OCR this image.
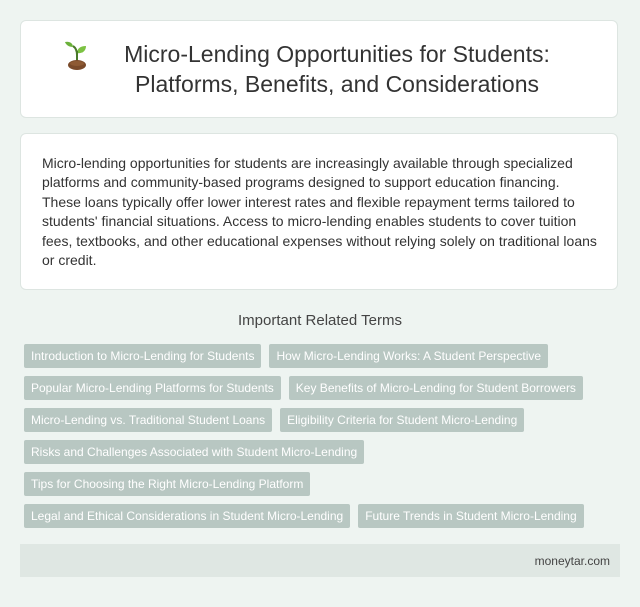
Micro-Lending Opportunities for Students: Platforms, Benefits, and Considerations

Micro-lending opportunities for students are increasingly available through specialized platforms and community-based programs designed to support education financing. These loans typically offer lower interest rates and flexible repayment terms tailored to students' financial situations. Access to micro-lending enables students to cover tuition fees, textbooks, and other educational expenses without relying solely on traditional loans or credit.

Important Related Terms
Introduction to Micro-Lending for Students	How Micro-Lending Works: A Student Perspective
Popular Micro-Lending Platforms for Students	Key Benefits of Micro-Lending for Student Borrowers
Micro-Lending vs. Traditional Student Loans	Eligibility Criteria for Student Micro-Lending
Risks and Challenges Associated with Student Micro-Lending
Tips for Choosing the Right Micro-Lending Platform
Legal and Ethical Considerations in Student Micro-Lending	Future Trends in Student Micro-Lending
moneytar.com
